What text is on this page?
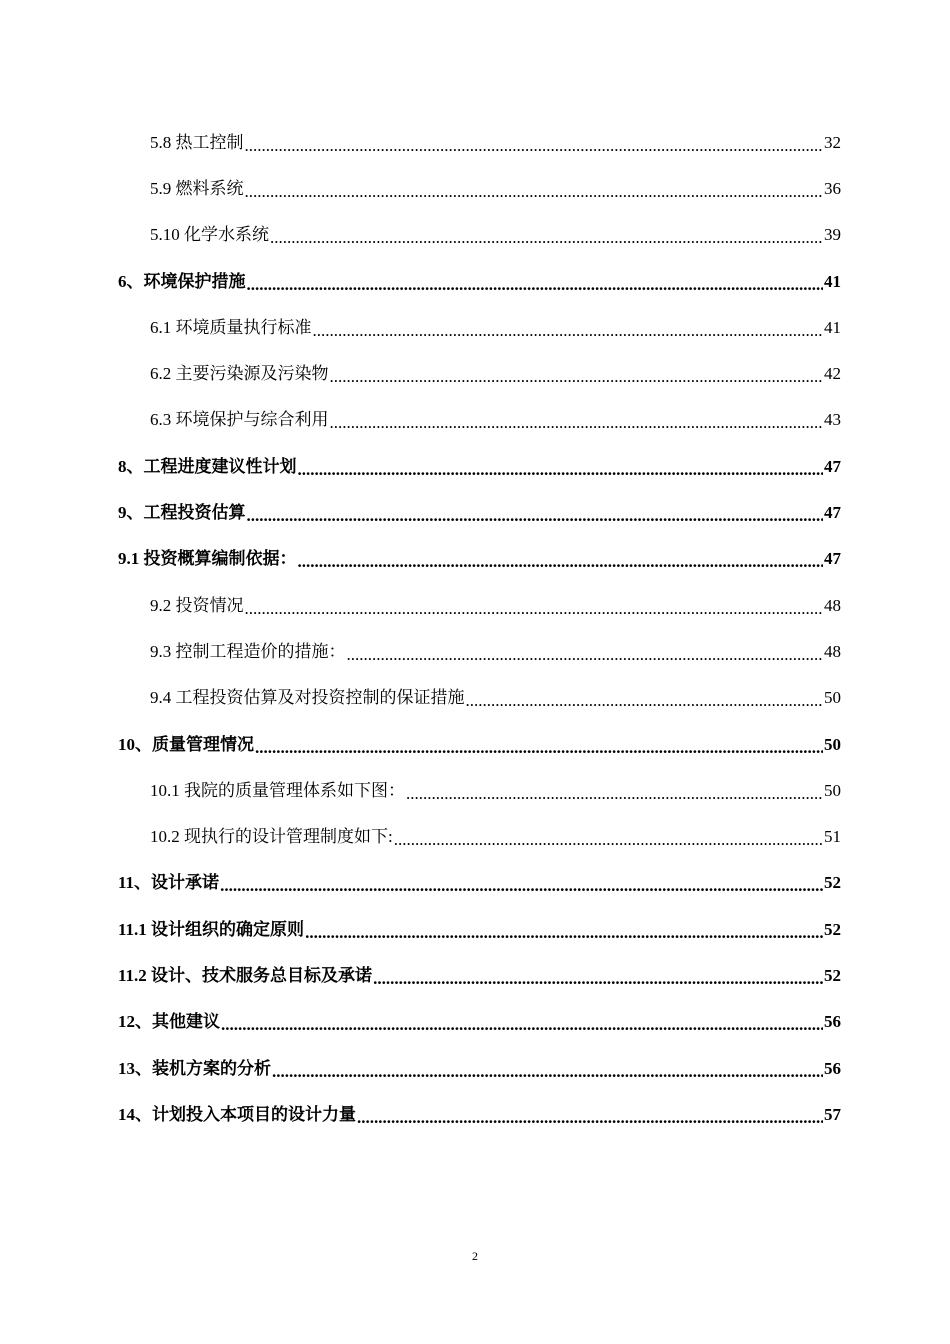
5.8 热工控制 .....	32
5.9 燃料系统 .....	36
5.10 化学水系统 .....	39
6、环境保护措施 .....	41
6.1 环境质量执行标准 .....	41
6.2 主要污染源及污染物 .....	42
6.3 环境保护与综合利用 .....	43
8、工程进度建议性计划 .....	47
9、工程投资估算 .....	47
9.1 投资概算编制依据： .....	47
9.2 投资情况 .....	48
9.3 控制工程造价的措施： .....	48
9.4 工程投资估算及对投资控制的保证措施 .....	50
10、质量管理情况 .....	50
10.1 我院的质量管理体系如下图： .....	50
10.2 现执行的设计管理制度如下: .....	51
11、设计承诺 .....	52
11.1 设计组织的确定原则 .....	52
11.2 设计、技术服务总目标及承诺 .....	52
12、其他建议 .....	56
13、装机方案的分析 .....	56
14、计划投入本项目的设计力量 .....	57
2
